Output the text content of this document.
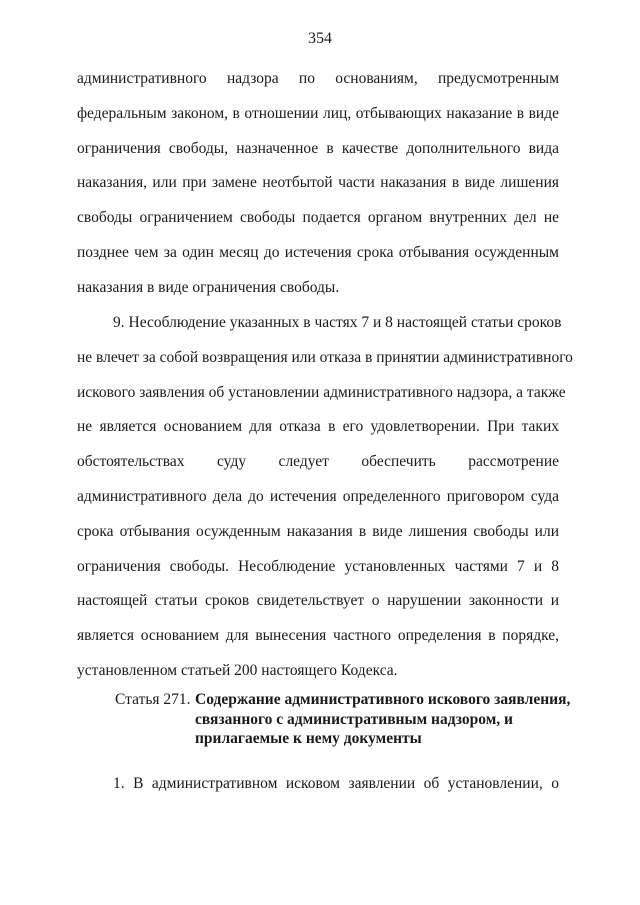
354
административного надзора по основаниям, предусмотренным
федеральным законом, в отношении лиц, отбывающих наказание в виде
ограничения свободы, назначенное в качестве дополнительного вида
наказания, или при замене неотбытой части наказания в виде лишения
свободы ограничением свободы подается органом внутренних дел не
позднее чем за один месяц до истечения срока отбывания осужденным
наказания в виде ограничения свободы.
9. Несоблюдение указанных в частях 7 и 8 настоящей статьи сроков
не влечет за собой возвращения или отказа в принятии административного
искового заявления об установлении административного надзора, а также
не является основанием для отказа в его удовлетворении. При таких
обстоятельствах суду следует обеспечить рассмотрение
административного дела до истечения определенного приговором суда
срока отбывания осужденным наказания в виде лишения свободы или
ограничения свободы. Несоблюдение установленных частями 7 и 8
настоящей статьи сроков свидетельствует о нарушении законности и
является основанием для вынесения частного определения в порядке,
установленном статьей 200 настоящего Кодекса.
Статья 271. Содержание административного искового заявления,
связанного с административным надзором, и
прилагаемые к нему документы
1. В административном исковом заявлении об установлении, о
